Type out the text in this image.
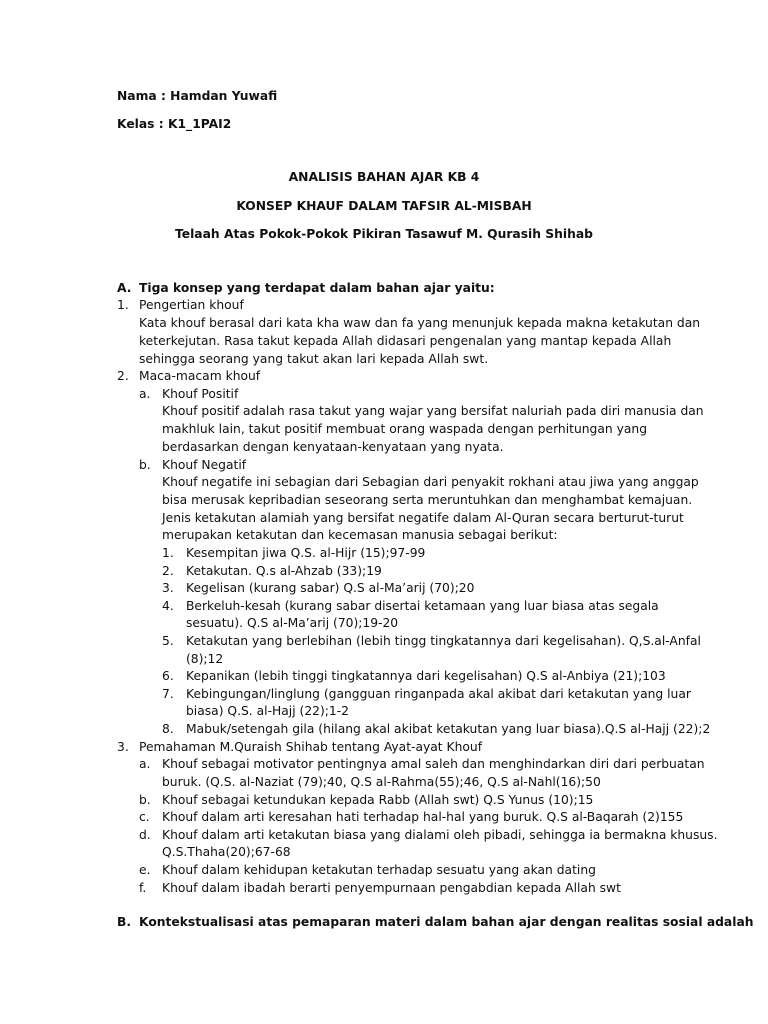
Nama : Hamdan Yuwafi
Kelas : K1_1PAI2
ANALISIS BAHAN AJAR KB 4
KONSEP KHAUF DALAM TAFSIR AL-MISBAH
Telaah Atas Pokok-Pokok Pikiran Tasawuf M. Qurasih Shihab
A. Tiga konsep yang terdapat dalam bahan ajar yaitu:
1. Pengertian khouf
Kata khouf berasal dari kata kha waw dan fa yang menunjuk kepada makna ketakutan dan
keterkejutan. Rasa takut kepada Allah didasari pengenalan yang mantap kepada Allah
sehingga seorang yang takut akan lari kepada Allah swt.
2. Maca-macam khouf
a. Khouf Positif
Khouf positif adalah rasa takut yang wajar yang bersifat naluriah pada diri manusia dan
makhluk lain, takut positif membuat orang waspada dengan perhitungan yang
berdasarkan dengan kenyataan-kenyataan yang nyata.
b. Khouf Negatif
Khouf negatife ini sebagian dari Sebagian dari penyakit rokhani atau jiwa yang anggap
bisa merusak kepribadian seseorang serta meruntuhkan dan menghambat kemajuan.
Jenis ketakutan alamiah yang bersifat negatife dalam Al-Quran secara berturut-turut
merupakan ketakutan dan kecemasan manusia sebagai berikut:
1. Kesempitan jiwa Q.S. al-Hijr (15);97-99
2. Ketakutan. Q.s al-Ahzab (33);19
3. Kegelisan (kurang sabar) Q.S al-Ma’arij (70);20
4. Berkeluh-kesah (kurang sabar disertai ketamaan yang luar biasa atas segala
sesuatu). Q.S al-Ma’arij (70);19-20
5. Ketakutan yang berlebihan (lebih tingg tingkatannya dari kegelisahan). Q,S.al-Anfal
(8);12
6. Kepanikan (lebih tinggi tingkatannya dari kegelisahan) Q.S al-Anbiya (21);103
7. Kebingungan/linglung (gangguan ringanpada akal akibat dari ketakutan yang luar
biasa) Q.S. al-Hajj (22);1-2
8. Mabuk/setengah gila (hilang akal akibat ketakutan yang luar biasa).Q.S al-Hajj (22);2
3. Pemahaman M.Quraish Shihab tentang Ayat-ayat Khouf
a. Khouf sebagai motivator pentingnya amal saleh dan menghindarkan diri dari perbuatan
buruk. (Q.S. al-Naziat (79);40, Q.S al-Rahma(55);46, Q.S al-Nahl(16);50
b. Khouf sebagai ketundukan kepada Rabb (Allah swt) Q.S Yunus (10);15
c. Khouf dalam arti keresahan hati terhadap hal-hal yang buruk. Q.S al-Baqarah (2)155
d. Khouf dalam arti ketakutan biasa yang dialami oleh pibadi, sehingga ia bermakna khusus.
Q.S.Thaha(20);67-68
e. Khouf dalam kehidupan ketakutan terhadap sesuatu yang akan dating
f. Khouf dalam ibadah berarti penyempurnaan pengabdian kepada Allah swt
B. Kontekstualisasi atas pemaparan materi dalam bahan ajar dengan realitas sosial adalah
